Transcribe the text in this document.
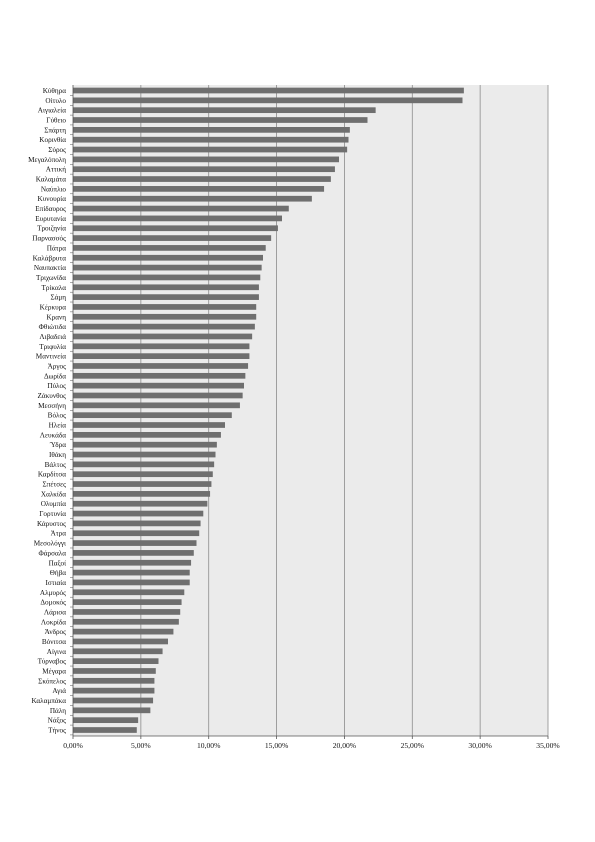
Κύθηρα
Οίτυλο
Αιγιαλεία
Γύθειο
Σπάρτη
Κορινθία
Σύρος
Μεγαλόπολη
Αττική
Καλαμάτα
Ναύπλιο
Κυνουρία
Επίδαυρος
Ευρυτανία
Τροιζηνία
Παρνασσός
Πάτρα
Καλάβρυτα
Ναυπακτία
Τριχωνίδα
Τρίκαλα
Σάμη
Κέρκυρα
Κρανη
Φθιώτιδα
Λιβαδειά
Τριφυλία
Μαντινεία
Άργος
Δωρίδα
Πύλος
Ζάκυνθος
Μεσσήνη
Βόλος
Ηλεία
Λευκάδα
Ύδρα
Ιθάκη
Βάλτος
Καρδίτσα
Σπέτσες
Χαλκίδα
Ολυμπία
Γορτυνία
Κάρυστος
Άτρα
Μεσολόγγι
Φάρσαλα
Παξοί
Θήβα
Ιστιαία
Αλμυρός
Δομοκός
Λάρισα
Λοκρίδα
Άνδρος
Βόνιτσα
Αίγινα
Τύρναβος
Μέγαρα
Σκόπελος
Αγιά
Καλαμπάκα
Πάλη
Νάξος
Τήνος
0,00%	5,00%	10,00%	15,00%	20,00%	25,00%	30,00%	35,00%
